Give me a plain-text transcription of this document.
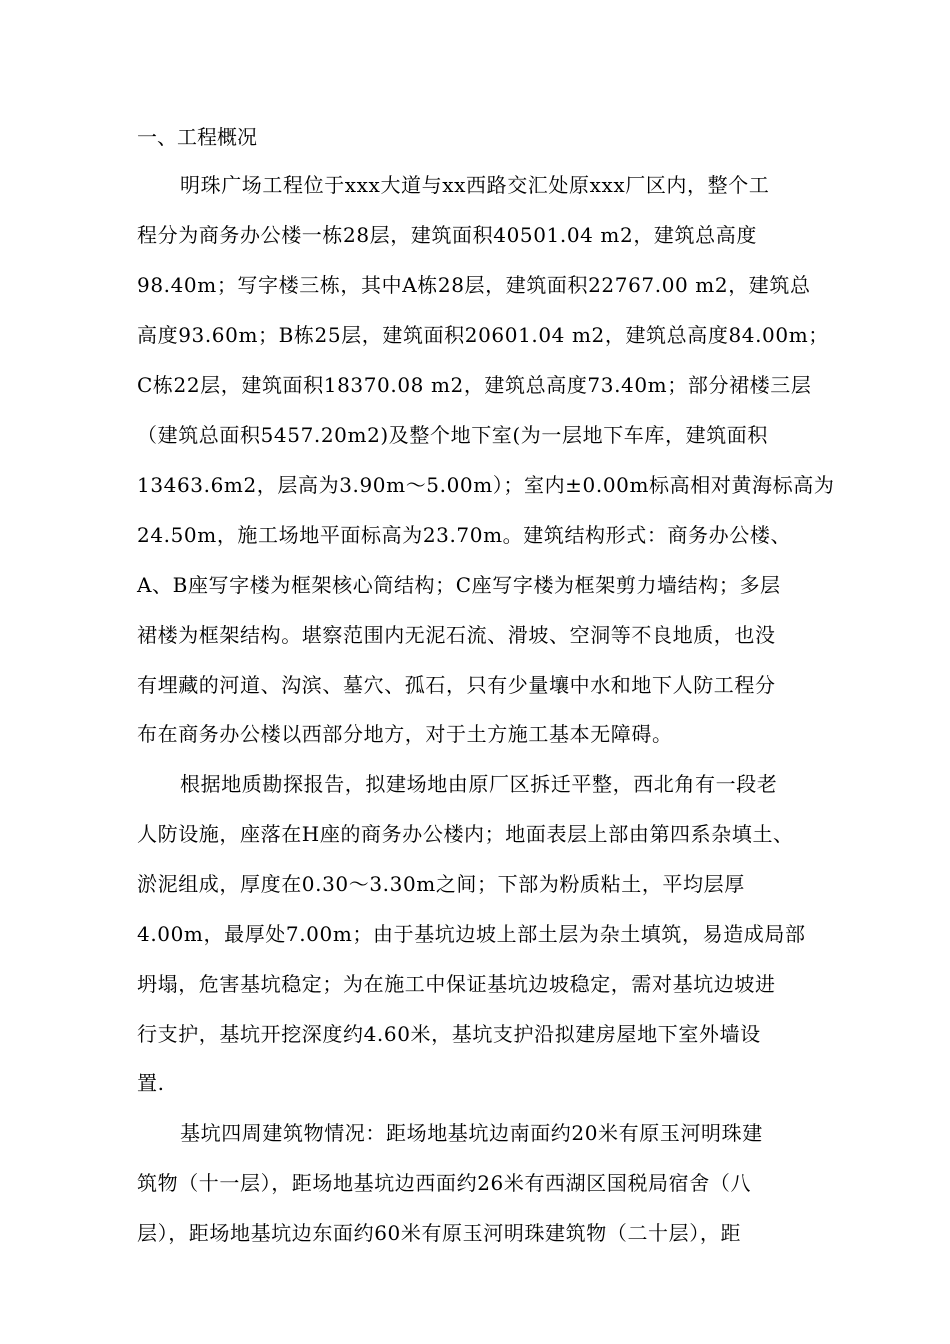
一、工程概况
明珠广场工程位于xxx大道与xx西路交汇处原xxx厂区内，整个工
程分为商务办公楼一栋28层，建筑面积40501.04 m2，建筑总高度
98.40m；写字楼三栋，其中A栋28层，建筑面积22767.00 m2，建筑总
高度93.60m；B栋25层，建筑面积20601.04 m2，建筑总高度84.00m；
C栋22层，建筑面积18370.08 m2，建筑总高度73.40m；部分裙楼三层
（建筑总面积5457.20m2)及整个地下室(为一层地下车库，建筑面积
13463.6m2，层高为3.90m～5.00m）；室内±0.00m标高相对黄海标高为
24.50m，施工场地平面标高为23.70m。建筑结构形式：商务办公楼、
A、B座写字楼为框架核心筒结构；C座写字楼为框架剪力墙结构；多层
裙楼为框架结构。堪察范围内无泥石流、滑坡、空洞等不良地质，也没
有埋藏的河道、沟滨、墓穴、孤石，只有少量壤中水和地下人防工程分
布在商务办公楼以西部分地方，对于土方施工基本无障碍。
根据地质勘探报告，拟建场地由原厂区拆迁平整，西北角有一段老
人防设施，座落在H座的商务办公楼内；地面表层上部由第四系杂填土、
淤泥组成，厚度在0.30～3.30m之间；下部为粉质粘土，平均层厚
4.00m，最厚处7.00m；由于基坑边坡上部土层为杂土填筑，易造成局部
坍塌，危害基坑稳定；为在施工中保证基坑边坡稳定，需对基坑边坡进
行支护，基坑开挖深度约4.60米，基坑支护沿拟建房屋地下室外墙设
置.
基坑四周建筑物情况：距场地基坑边南面约20米有原玉河明珠建
筑物（十一层），距场地基坑边西面约26米有西湖区国税局宿舍（八
层），距场地基坑边东面约60米有原玉河明珠建筑物（二十层），距
